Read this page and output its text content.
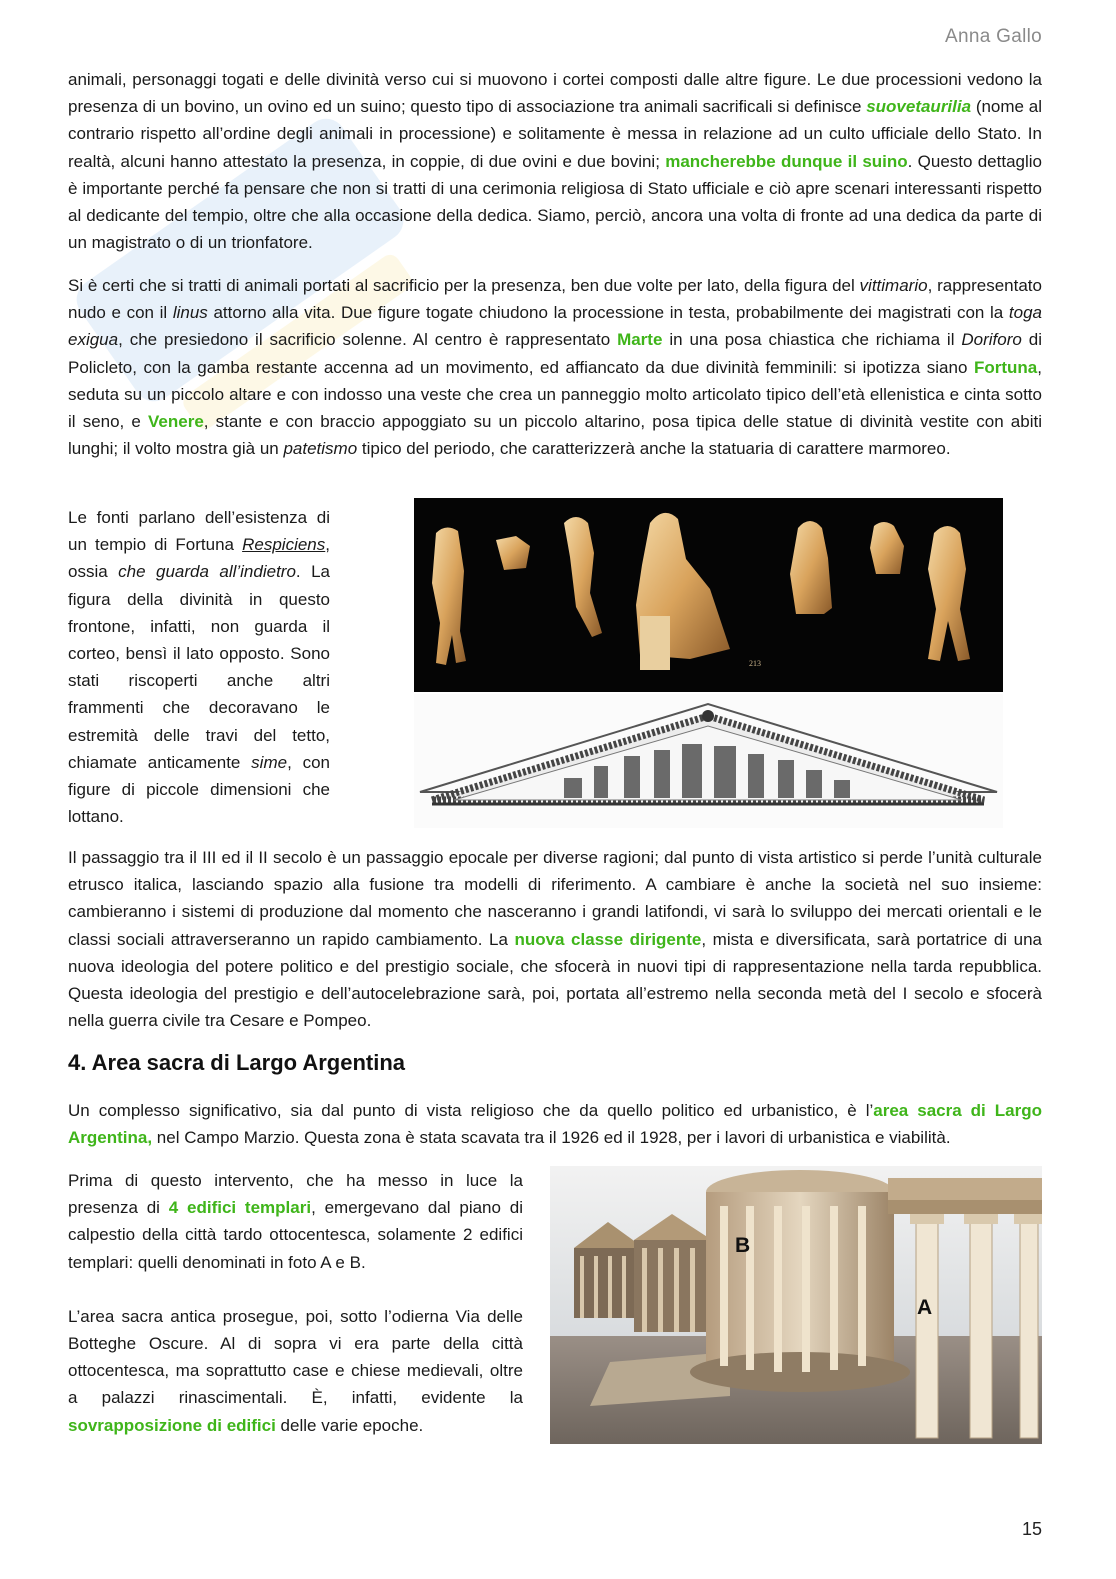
Anna Gallo

animali, personaggi togati e delle divinità verso cui si muovono i cortei composti dalle altre figure. Le due processioni vedono la presenza di un bovino, un ovino ed un suino; questo tipo di associazione tra animali sacrificali si definisce suovetaurilia (nome al contrario rispetto all’ordine degli animali in processione) e solitamente è messa in relazione ad un culto ufficiale dello Stato. In realtà, alcuni hanno attestato la presenza, in coppie, di due ovini e due bovini; mancherebbe dunque il suino. Questo dettaglio è importante perché fa pensare che non si tratti di una cerimonia religiosa di Stato ufficiale e ciò apre scenari interessanti rispetto al dedicante del tempio, oltre che alla occasione della dedica. Siamo, perciò, ancora una volta di fronte ad una dedica da parte di un magistrato o di un trionfatore.

Si è certi che si tratti di animali portati al sacrificio per la presenza, ben due volte per lato, della figura del vittimario, rappresentato nudo e con il linus attorno alla vita. Due figure togate chiudono la processione in testa, probabilmente dei magistrati con la toga exigua, che presiedono il sacrificio solenne. Al centro è rappresentato Marte in una posa chiastica che richiama il Doriforo di Policleto, con la gamba restante accenna ad un movimento, ed affiancato da due divinità femminili: si ipotizza siano Fortuna, seduta su un piccolo altare e con indosso una veste che crea un panneggio molto articolato tipico dell’età ellenistica e cinta sotto il seno, e Venere, stante e con braccio appoggiato su un piccolo altarino, posa tipica delle statue di divinità vestite con abiti lunghi; il volto mostra già un patetismo tipico del periodo, che caratterizzerà anche la statuaria di carattere marmoreo.

Le fonti parlano dell’esistenza di un tempio di Fortuna Respiciens, ossia che guarda all’indietro. La figura della divinità in questo frontone, infatti, non guarda il corteo, bensì il lato opposto. Sono stati riscoperti anche altri frammenti che decoravano le estremità delle travi del tetto, chiamate anticamente sime, con figure di piccole dimensioni che lottano.

213

Il passaggio tra il III ed il II secolo è un passaggio epocale per diverse ragioni; dal punto di vista artistico si perde l’unità culturale etrusco italica, lasciando spazio alla fusione tra modelli di riferimento. A cambiare è anche la società nel suo insieme: cambieranno i sistemi di produzione dal momento che nasceranno i grandi latifondi, vi sarà lo sviluppo dei mercati orientali e le classi sociali attraverseranno un rapido cambiamento. La nuova classe dirigente, mista e diversificata, sarà portatrice di una nuova ideologia del potere politico e del prestigio sociale, che sfocerà in nuovi tipi di rappresentazione nella tarda repubblica. Questa ideologia del prestigio e dell’autocelebrazione sarà, poi, portata all’estremo nella seconda metà del I secolo e sfocerà nella guerra civile tra Cesare e Pompeo.

4. Area sacra di Largo Argentina

Un complesso significativo, sia dal punto di vista religioso che da quello politico ed urbanistico, è l’area sacra di Largo Argentina, nel Campo Marzio. Questa zona è stata scavata tra il 1926 ed il 1928, per i lavori di urbanistica e viabilità.

Prima di questo intervento, che ha messo in luce la presenza di 4 edifici templari, emergevano dal piano di calpestio della città tardo ottocentesca, solamente 2 edifici templari: quelli denominati in foto A e B.

L’area sacra antica prosegue, poi, sotto l’odierna Via delle Botteghe Oscure. Al di sopra vi era parte della città ottocentesca, ma soprattutto case e chiese medievali, oltre a palazzi rinascimentali. È, infatti, evidente la sovrapposizione di edifici delle varie epoche.

B
A
15
